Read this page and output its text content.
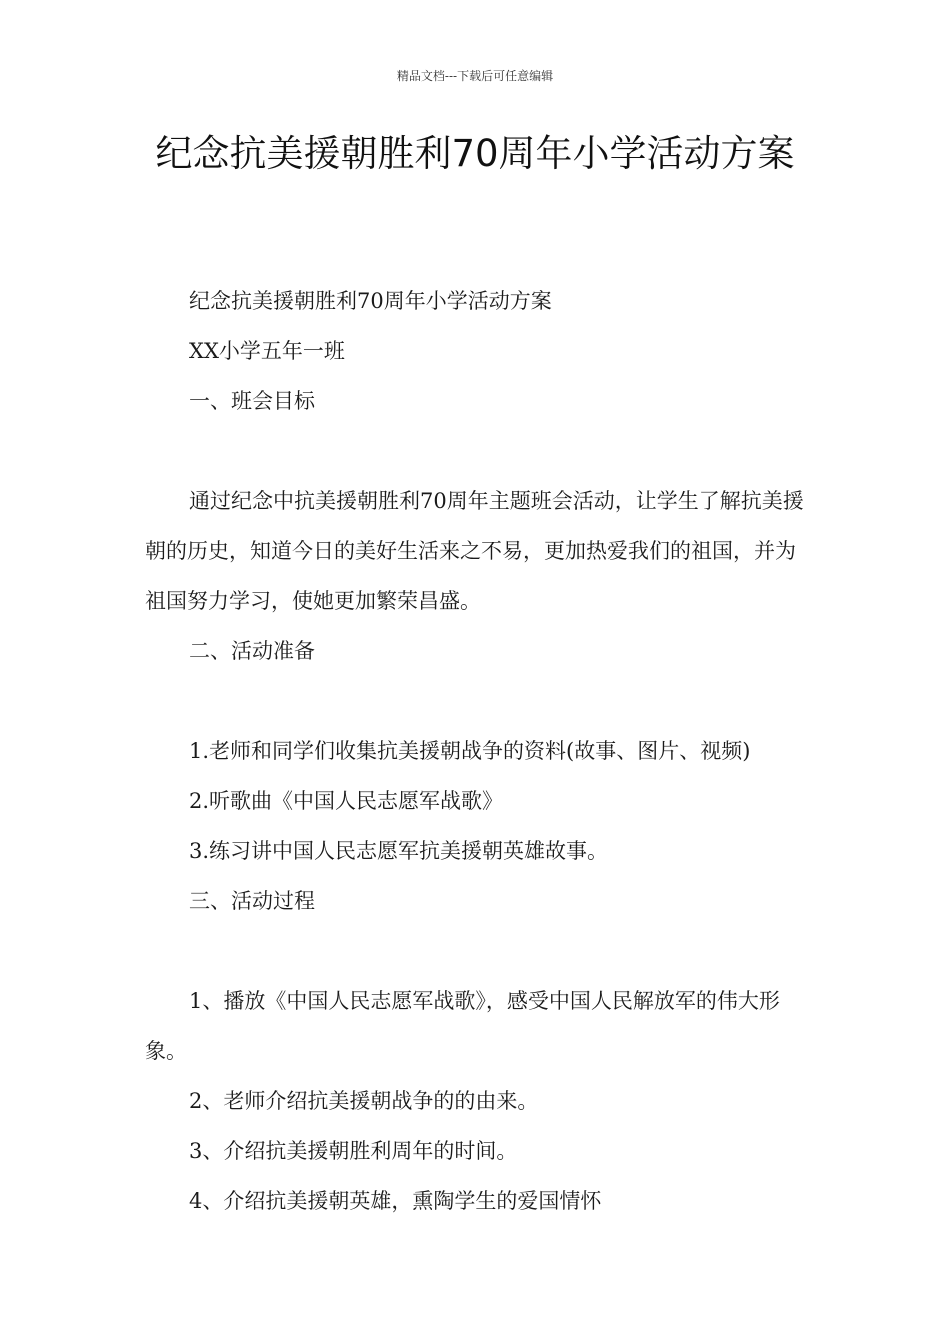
精品文档---下载后可任意编辑
纪念抗美援朝胜利70周年小学活动方案

纪念抗美援朝胜利70周年小学活动方案

XX小学五年一班

一、班会目标

通过纪念中抗美援朝胜利70周年主题班会活动，让学生了解抗美援朝的历史，知道今日的美好生活来之不易，更加热爱我们的祖国，并为祖国努力学习，使她更加繁荣昌盛。

二、活动准备

1.老师和同学们收集抗美援朝战争的资料(故事、图片、视频)

2.听歌曲《中国人民志愿军战歌》

3.练习讲中国人民志愿军抗美援朝英雄故事。

三、活动过程

1、播放《中国人民志愿军战歌》，感受中国人民解放军的伟大形象。

2、老师介绍抗美援朝战争的的由来。

3、介绍抗美援朝胜利周年的时间。

4、介绍抗美援朝英雄，熏陶学生的爱国情怀
